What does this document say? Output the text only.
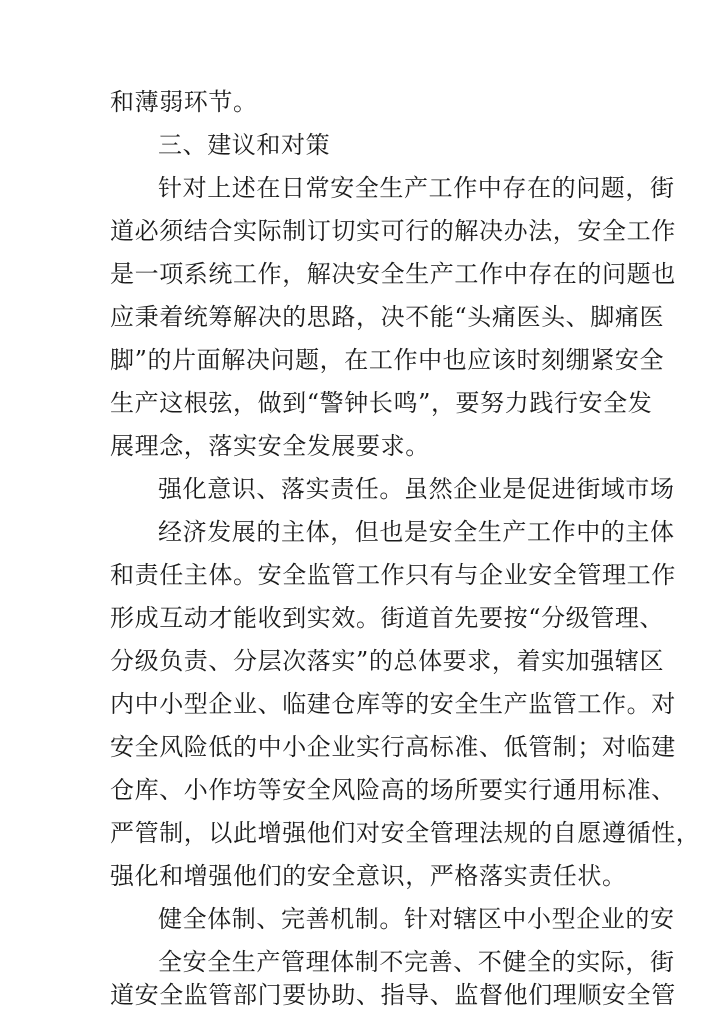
和薄弱环节。
三、建议和对策
针对上述在日常安全生产工作中存在的问题，街
道必须结合实际制订切实可行的解决办法，安全工作
是一项系统工作，解决安全生产工作中存在的问题也
应秉着统筹解决的思路，决不能“头痛医头、脚痛医
脚”的片面解决问题，在工作中也应该时刻绷紧安全
生产这根弦，做到“警钟长鸣”，要努力践行安全发
展理念，落实安全发展要求。
强化意识、落实责任。虽然企业是促进街域市场
经济发展的主体，但也是安全生产工作中的主体
和责任主体。安全监管工作只有与企业安全管理工作
形成互动才能收到实效。街道首先要按“分级管理、
分级负责、分层次落实”的总体要求，着实加强辖区
内中小型企业、临建仓库等的安全生产监管工作。对
安全风险低的中小企业实行高标准、低管制；对临建
仓库、小作坊等安全风险高的场所要实行通用标准、
严管制，以此增强他们对安全管理法规的自愿遵循性，
强化和增强他们的安全意识，严格落实责任状。
健全体制、完善机制。针对辖区中小型企业的安
全安全生产管理体制不完善、不健全的实际，街
道安全监管部门要协助、指导、监督他们理顺安全管
